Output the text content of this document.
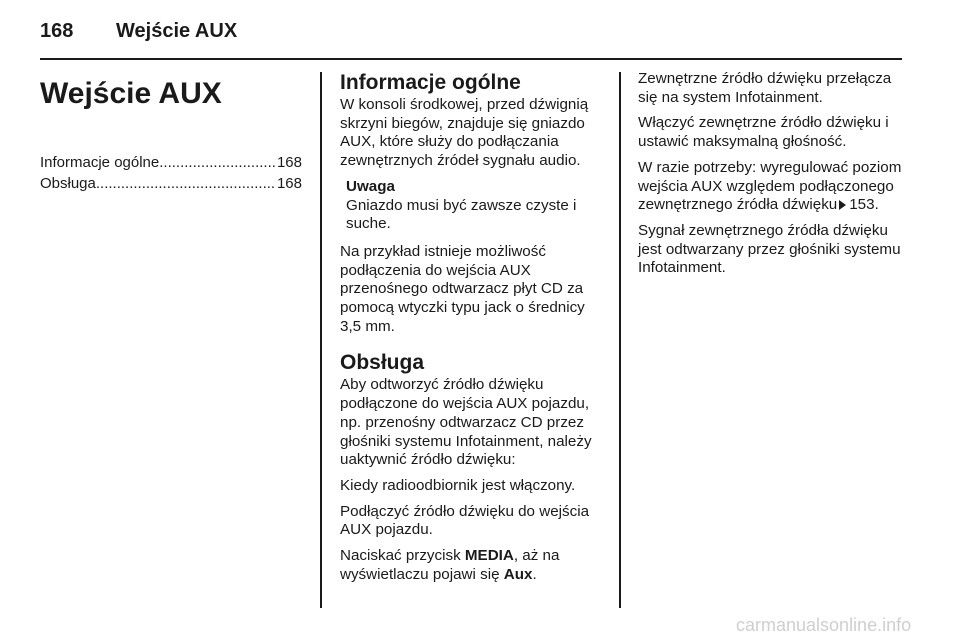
168 Wejście AUX
Wejście AUX
Informacje ogólne .....	168
Obsługa .....	168
Informacje ogólne

W konsoli środkowej, przed dźwignią skrzyni biegów, znajduje się gniazdo AUX, które służy do podłączania zewnętrznych źródeł sygnału audio.

Uwaga
Gniazdo musi być zawsze czyste i suche.

Na przykład istnieje możliwość podłączenia do wejścia AUX przenośnego odtwarzacz płyt CD za pomocą wtyczki typu jack o średnicy 3,5 mm.

Obsługa

Aby odtworzyć źródło dźwięku podłączone do wejścia AUX pojazdu, np. przenośny odtwarzacz CD przez głośniki systemu Infotainment, należy uaktywnić źródło dźwięku:

Kiedy radioodbiornik jest włączony.

Podłączyć źródło dźwięku do wejścia AUX pojazdu.

Naciskać przycisk MEDIA, aż na wyświetlaczu pojawi się Aux.

Zewnętrzne źródło dźwięku przełącza się na system Infotainment.

Włączyć zewnętrzne źródło dźwięku i ustawić maksymalną głośność.

W razie potrzeby: wyregulować poziom wejścia AUX względem podłączonego zewnętrznego źródła dźwięku 153.

Sygnał zewnętrznego źródła dźwięku jest odtwarzany przez głośniki systemu Infotainment.

carmanualsonline.info
